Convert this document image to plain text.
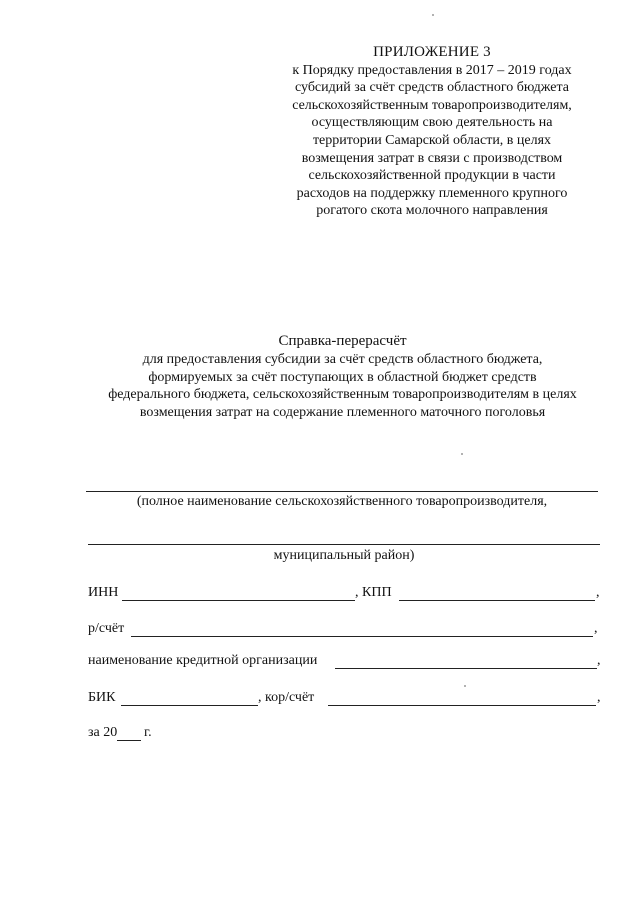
ПРИЛОЖЕНИЕ 3
к Порядку предоставления в 2017 – 2019 годах
субсидий за счёт средств областного бюджета
сельскохозяйственным товаропроизводителям,
осуществляющим свою деятельность на
территории Самарской области, в целях
возмещения затрат в связи с производством
сельскохозяйственной продукции в части
расходов на поддержку племенного крупного
рогатого скота молочного направления
Справка-перерасчёт
для предоставления субсидии за счёт средств областного бюджета,
формируемых за счёт поступающих в областной бюджет средств
федерального бюджета, сельскохозяйственным товаропроизводителям в целях
возмещения затрат на содержание племенного маточного поголовья
(полное наименование сельскохозяйственного товаропроизводителя,
муниципальный район)
ИНН	, КПП	,
р/счёт	,
наименование кредитной организации	,
БИК	, кор/счёт	,
за 20 г.
